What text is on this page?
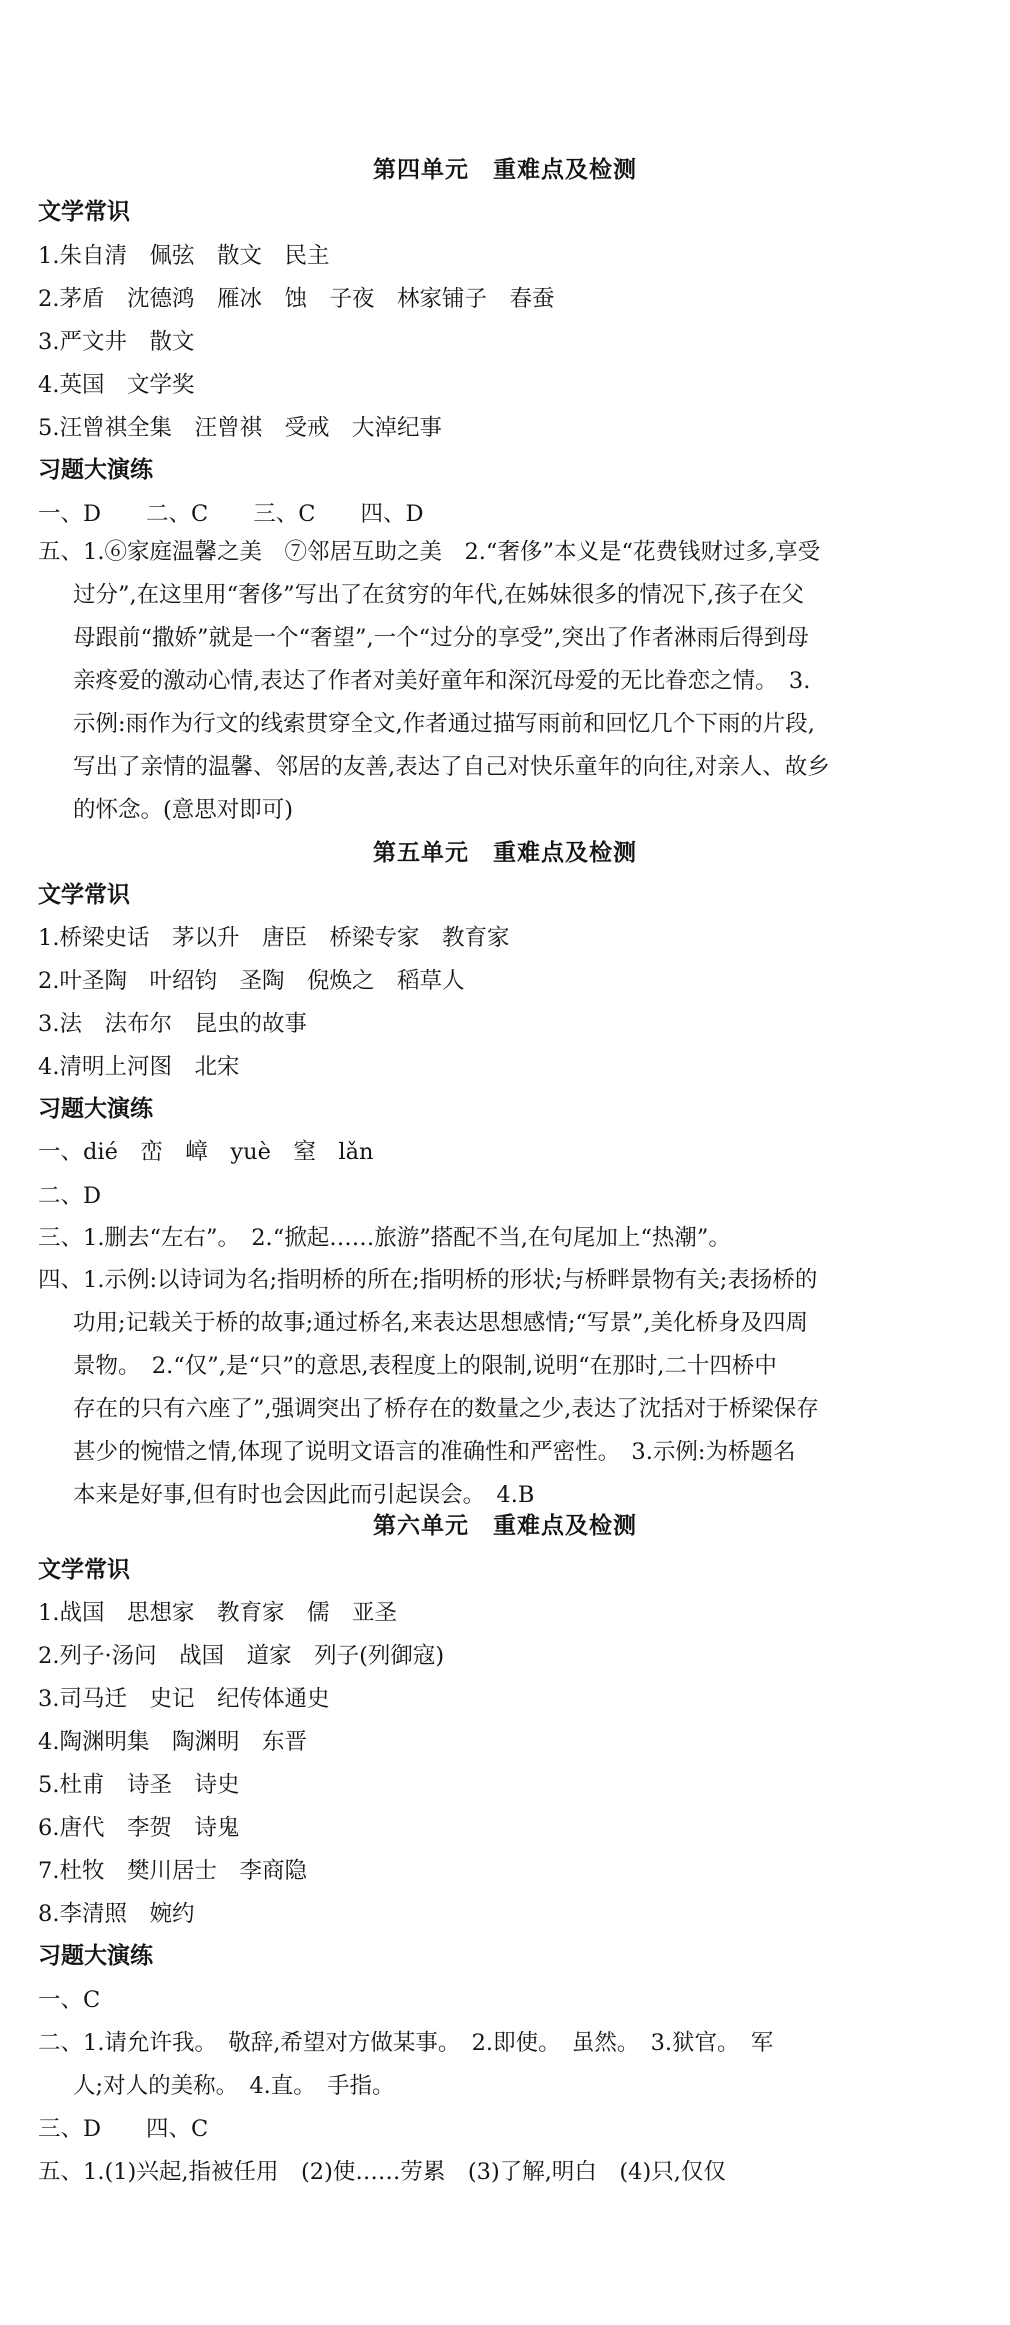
第四单元　重难点及检测
文学常识
1.朱自清　佩弦　散文　民主
2.茅盾　沈德鸿　雁冰　蚀　子夜　林家铺子　春蚕
3.严文井　散文
4.英国　文学奖
5.汪曾祺全集　汪曾祺　受戒　大淖纪事
习题大演练
一、D　　二、C　　三、C　　四、D
五、1.⑥家庭温馨之美　⑦邻居互助之美　2.“奢侈”本义是“花费钱财过多,享受
过分”,在这里用“奢侈”写出了在贫穷的年代,在姊妹很多的情况下,孩子在父
母跟前“撒娇”就是一个“奢望”,一个“过分的享受”,突出了作者淋雨后得到母
亲疼爱的激动心情,表达了作者对美好童年和深沉母爱的无比眷恋之情。　3.
示例:雨作为行文的线索贯穿全文,作者通过描写雨前和回忆几个下雨的片段,
写出了亲情的温馨、邻居的友善,表达了自己对快乐童年的向往,对亲人、故乡
的怀念。(意思对即可)
第五单元　重难点及检测
文学常识
1.桥梁史话　茅以升　唐臣　桥梁专家　教育家
2.叶圣陶　叶绍钧　圣陶　倪焕之　稻草人
3.法　法布尔　昆虫的故事
4.清明上河图　北宋
习题大演练
一、dié　峦　嶂　yuè　窒　lǎn
二、D
三、1.删去“左右”。　2.“掀起……旅游”搭配不当,在句尾加上“热潮”。
四、1.示例:以诗词为名;指明桥的所在;指明桥的形状;与桥畔景物有关;表扬桥的
功用;记载关于桥的故事;通过桥名,来表达思想感情;“写景”,美化桥身及四周
景物。　2.“仅”,是“只”的意思,表程度上的限制,说明“在那时,二十四桥中
存在的只有六座了”,强调突出了桥存在的数量之少,表达了沈括对于桥梁保存
甚少的惋惜之情,体现了说明文语言的准确性和严密性。　3.示例:为桥题名
本来是好事,但有时也会因此而引起误会。　4.B
第六单元　重难点及检测
文学常识
1.战国　思想家　教育家　儒　亚圣
2.列子·汤问　战国　道家　列子(列御寇)
3.司马迁　史记　纪传体通史
4.陶渊明集　陶渊明　东晋
5.杜甫　诗圣　诗史
6.唐代　李贺　诗鬼
7.杜牧　樊川居士　李商隐
8.李清照　婉约
习题大演练
一、C
二、1.请允许我。　敬辞,希望对方做某事。　2.即使。　虽然。　3.狱官。　军
人;对人的美称。　4.直。　手指。
三、D　　四、C
五、1.(1)兴起,指被任用　(2)使……劳累　(3)了解,明白　(4)只,仅仅
